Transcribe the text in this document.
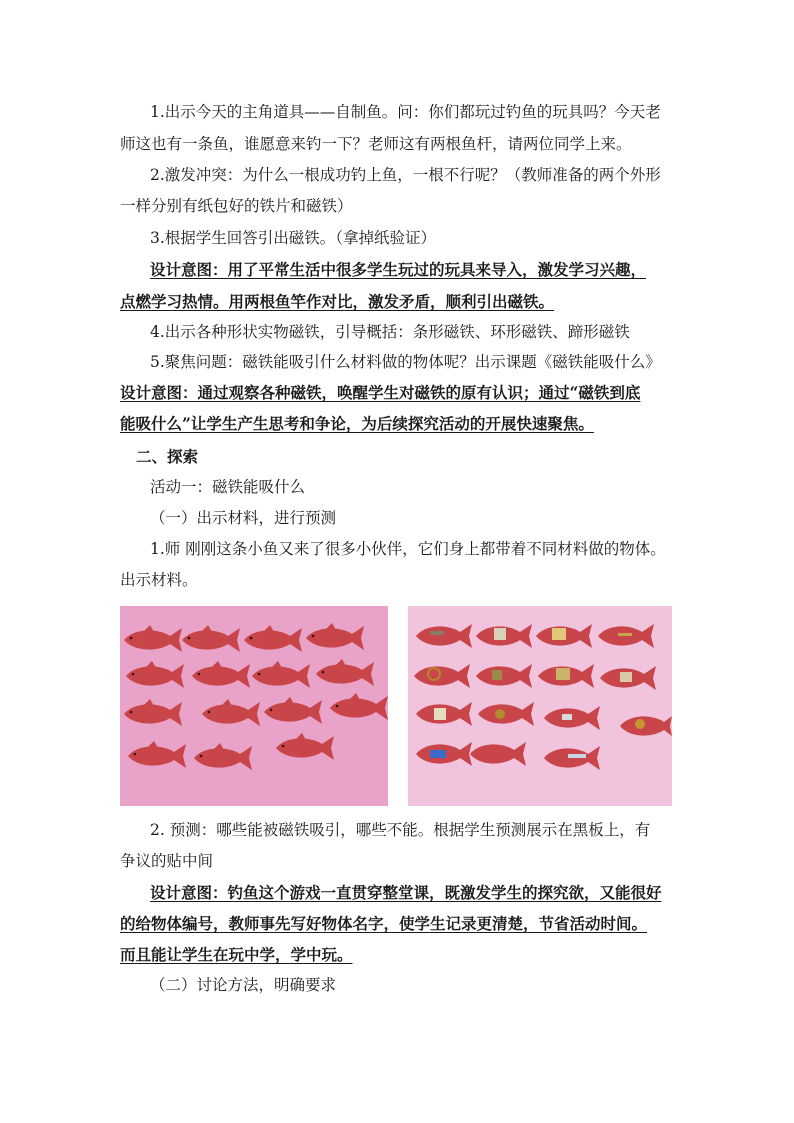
1.出示今天的主角道具——自制鱼。问：你们都玩过钓鱼的玩具吗？今天老
师这也有一条鱼，谁愿意来钓一下？老师这有两根鱼杆，请两位同学上来。
2.激发冲突：为什么一根成功钓上鱼，一根不行呢？（教师准备的两个外形
一样分别有纸包好的铁片和磁铁）
3.根据学生回答引出磁铁。（拿掉纸验证）
设计意图：用了平常生活中很多学生玩过的玩具来导入，激发学习兴趣，
点燃学习热情。用两根鱼竿作对比，激发矛盾，顺利引出磁铁。
4.出示各种形状实物磁铁，引导概括：条形磁铁、环形磁铁、蹄形磁铁
5.聚焦问题：磁铁能吸引什么材料做的物体呢？出示课题《磁铁能吸什么》
设计意图：通过观察各种磁铁，唤醒学生对磁铁的原有认识；通过“磁铁到底
能吸什么”让学生产生思考和争论，为后续探究活动的开展快速聚焦。
二、探索
活动一：磁铁能吸什么
（一）出示材料，进行预测
1.师 刚刚这条小鱼又来了很多小伙伴，它们身上都带着不同材料做的物体。
出示材料。
2. 预测：哪些能被磁铁吸引，哪些不能。根据学生预测展示在黑板上，有
争议的贴中间
设计意图：钓鱼这个游戏一直贯穿整堂课，既激发学生的探究欲，又能很好
的给物体编号，教师事先写好物体名字，使学生记录更清楚，节省活动时间。
而且能让学生在玩中学，学中玩。
（二）讨论方法，明确要求
